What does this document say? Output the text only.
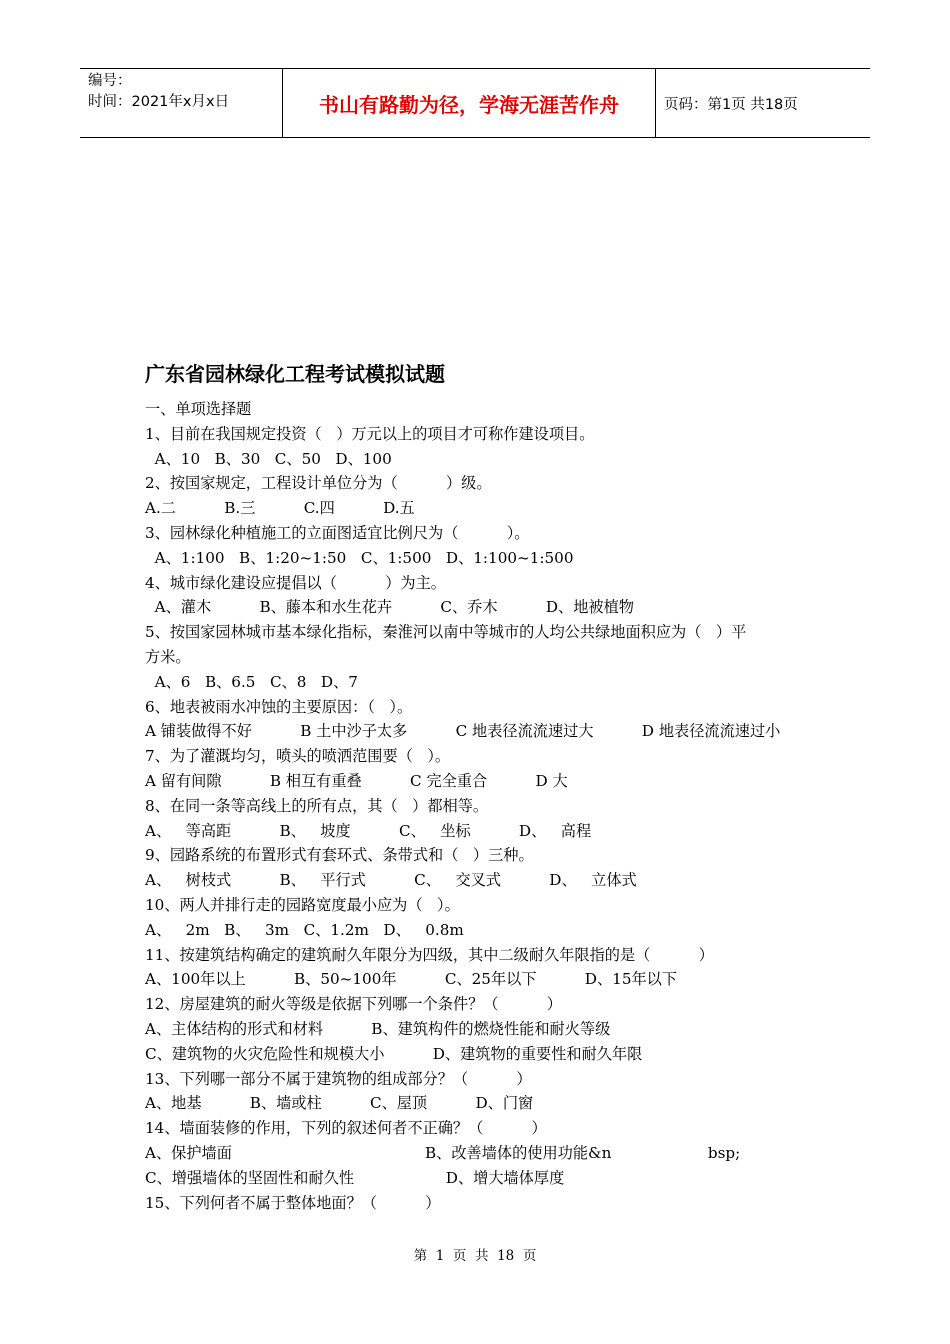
编号：
时间：2021年x月x日	书山有路勤为径，学海无涯苦作舟	页码：第1页 共18页
广东省园林绿化工程考试模拟试题
一、单项选择题
1、目前在我国规定投资（   ）万元以上的项目才可称作建设项目。
A、10   B、30   C、50   D、100
2、按国家规定，工程设计单位分为（          ）级。
A.二          B.三          C.四          D.五
3、园林绿化种植施工的立面图适宜比例尺为（          ）。
A、1:100   B、1:20~1:50   C、1:500   D、1:100~1:500
4、城市绿化建设应提倡以（          ）为主。
A、灌木          B、藤本和水生花卉          C、乔木          D、地被植物
5、按国家园林城市基本绿化指标，秦淮河以南中等城市的人均公共绿地面积应为（   ）平
方米。
A、6   B、6.5   C、8   D、7
6、地表被雨水冲蚀的主要原因：（   ）。
A 铺装做得不好          B 土中沙子太多          C 地表径流流速过大          D 地表径流流速过小
7、为了灌溉均匀，喷头的喷洒范围要（   ）。
A 留有间隙          B 相互有重叠          C 完全重合          D 大
8、在同一条等高线上的所有点，其（   ）都相等。
A、   等高距          B、   坡度          C、   坐标          D、   高程
9、园路系统的布置形式有套环式、条带式和（   ）三种。
A、   树枝式          B、   平行式          C、   交叉式          D、   立体式
10、两人并排行走的园路宽度最小应为（   ）。
A、   2m   B、   3m   C、1.2m   D、   0.8m
11、按建筑结构确定的建筑耐久年限分为四级，其中二级耐久年限指的是（          ）
A、100年以上          B、50~100年          C、25年以下          D、15年以下
12、房屋建筑的耐火等级是依据下列哪一个条件？（          ）
A、主体结构的形式和材料          B、建筑构件的燃烧性能和耐火等级
C、建筑物的火灾危险性和规模大小          D、建筑物的重要性和耐久年限
13、下列哪一部分不属于建筑物的组成部分？（          ）
A、地基          B、墙或柱          C、屋顶          D、门窗
14、墙面装修的作用，下列的叙述何者不正确？（          ）
A、保护墙面                                        B、改善墙体的使用功能&n                    bsp;
C、增强墙体的坚固性和耐久性                   D、增大墙体厚度
15、下列何者不属于整体地面？（          ）
第  1  页  共  18  页
